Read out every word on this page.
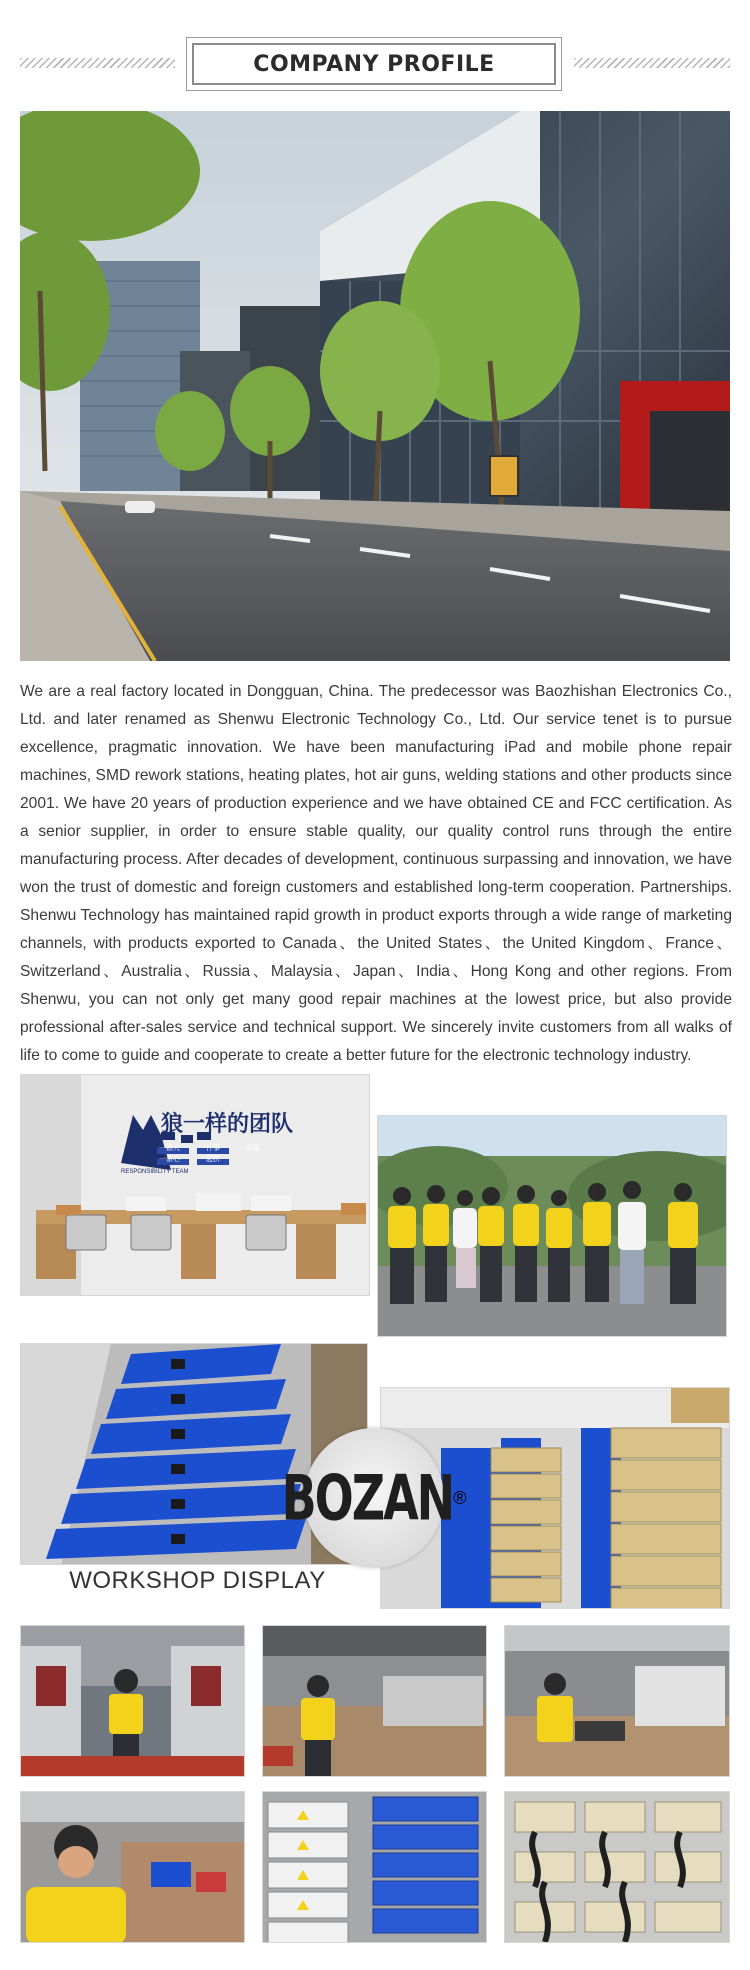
COMPANY PROFILE
We are a real factory located in Dongguan, China. The predecessor was Baozhishan Electronics Co., Ltd. and later renamed as Shenwu Electronic Technology Co., Ltd. Our service tenet is to pursue excellence, pragmatic innovation. We have been manufacturing iPad and mobile phone repair machines, SMD rework stations, heating plates, hot air guns, welding stations and other products since 2001. We have 20 years of production experience and we have obtained CE and FCC certification. As a senior supplier, in order to ensure stable quality, our quality control runs through the entire manufacturing process. After decades of development, continuous surpassing and innovation, we have won the trust of domestic and foreign customers and established long-term cooperation. Partnerships. Shenwu Technology has maintained rapid growth in product exports through a wide range of marketing channels, with products exported to Canada、the United States、the United Kingdom、France、Switzerland、Australia、Russia、Malaysia、Japan、India、Hong Kong and other regions. From Shenwu, you can not only get many good repair machines at the lowest price, but also provide professional after-sales service and technical support. We sincerely invite customers from all walks of life to come to guide and cooperate to create a better future for the electronic technology industry.
狼一样的团队
RESPONSIBILITY TEAM
一群人	一件事
一条心	一起拼
一起赢
BOZAN ®
WORKSHOP DISPLAY
